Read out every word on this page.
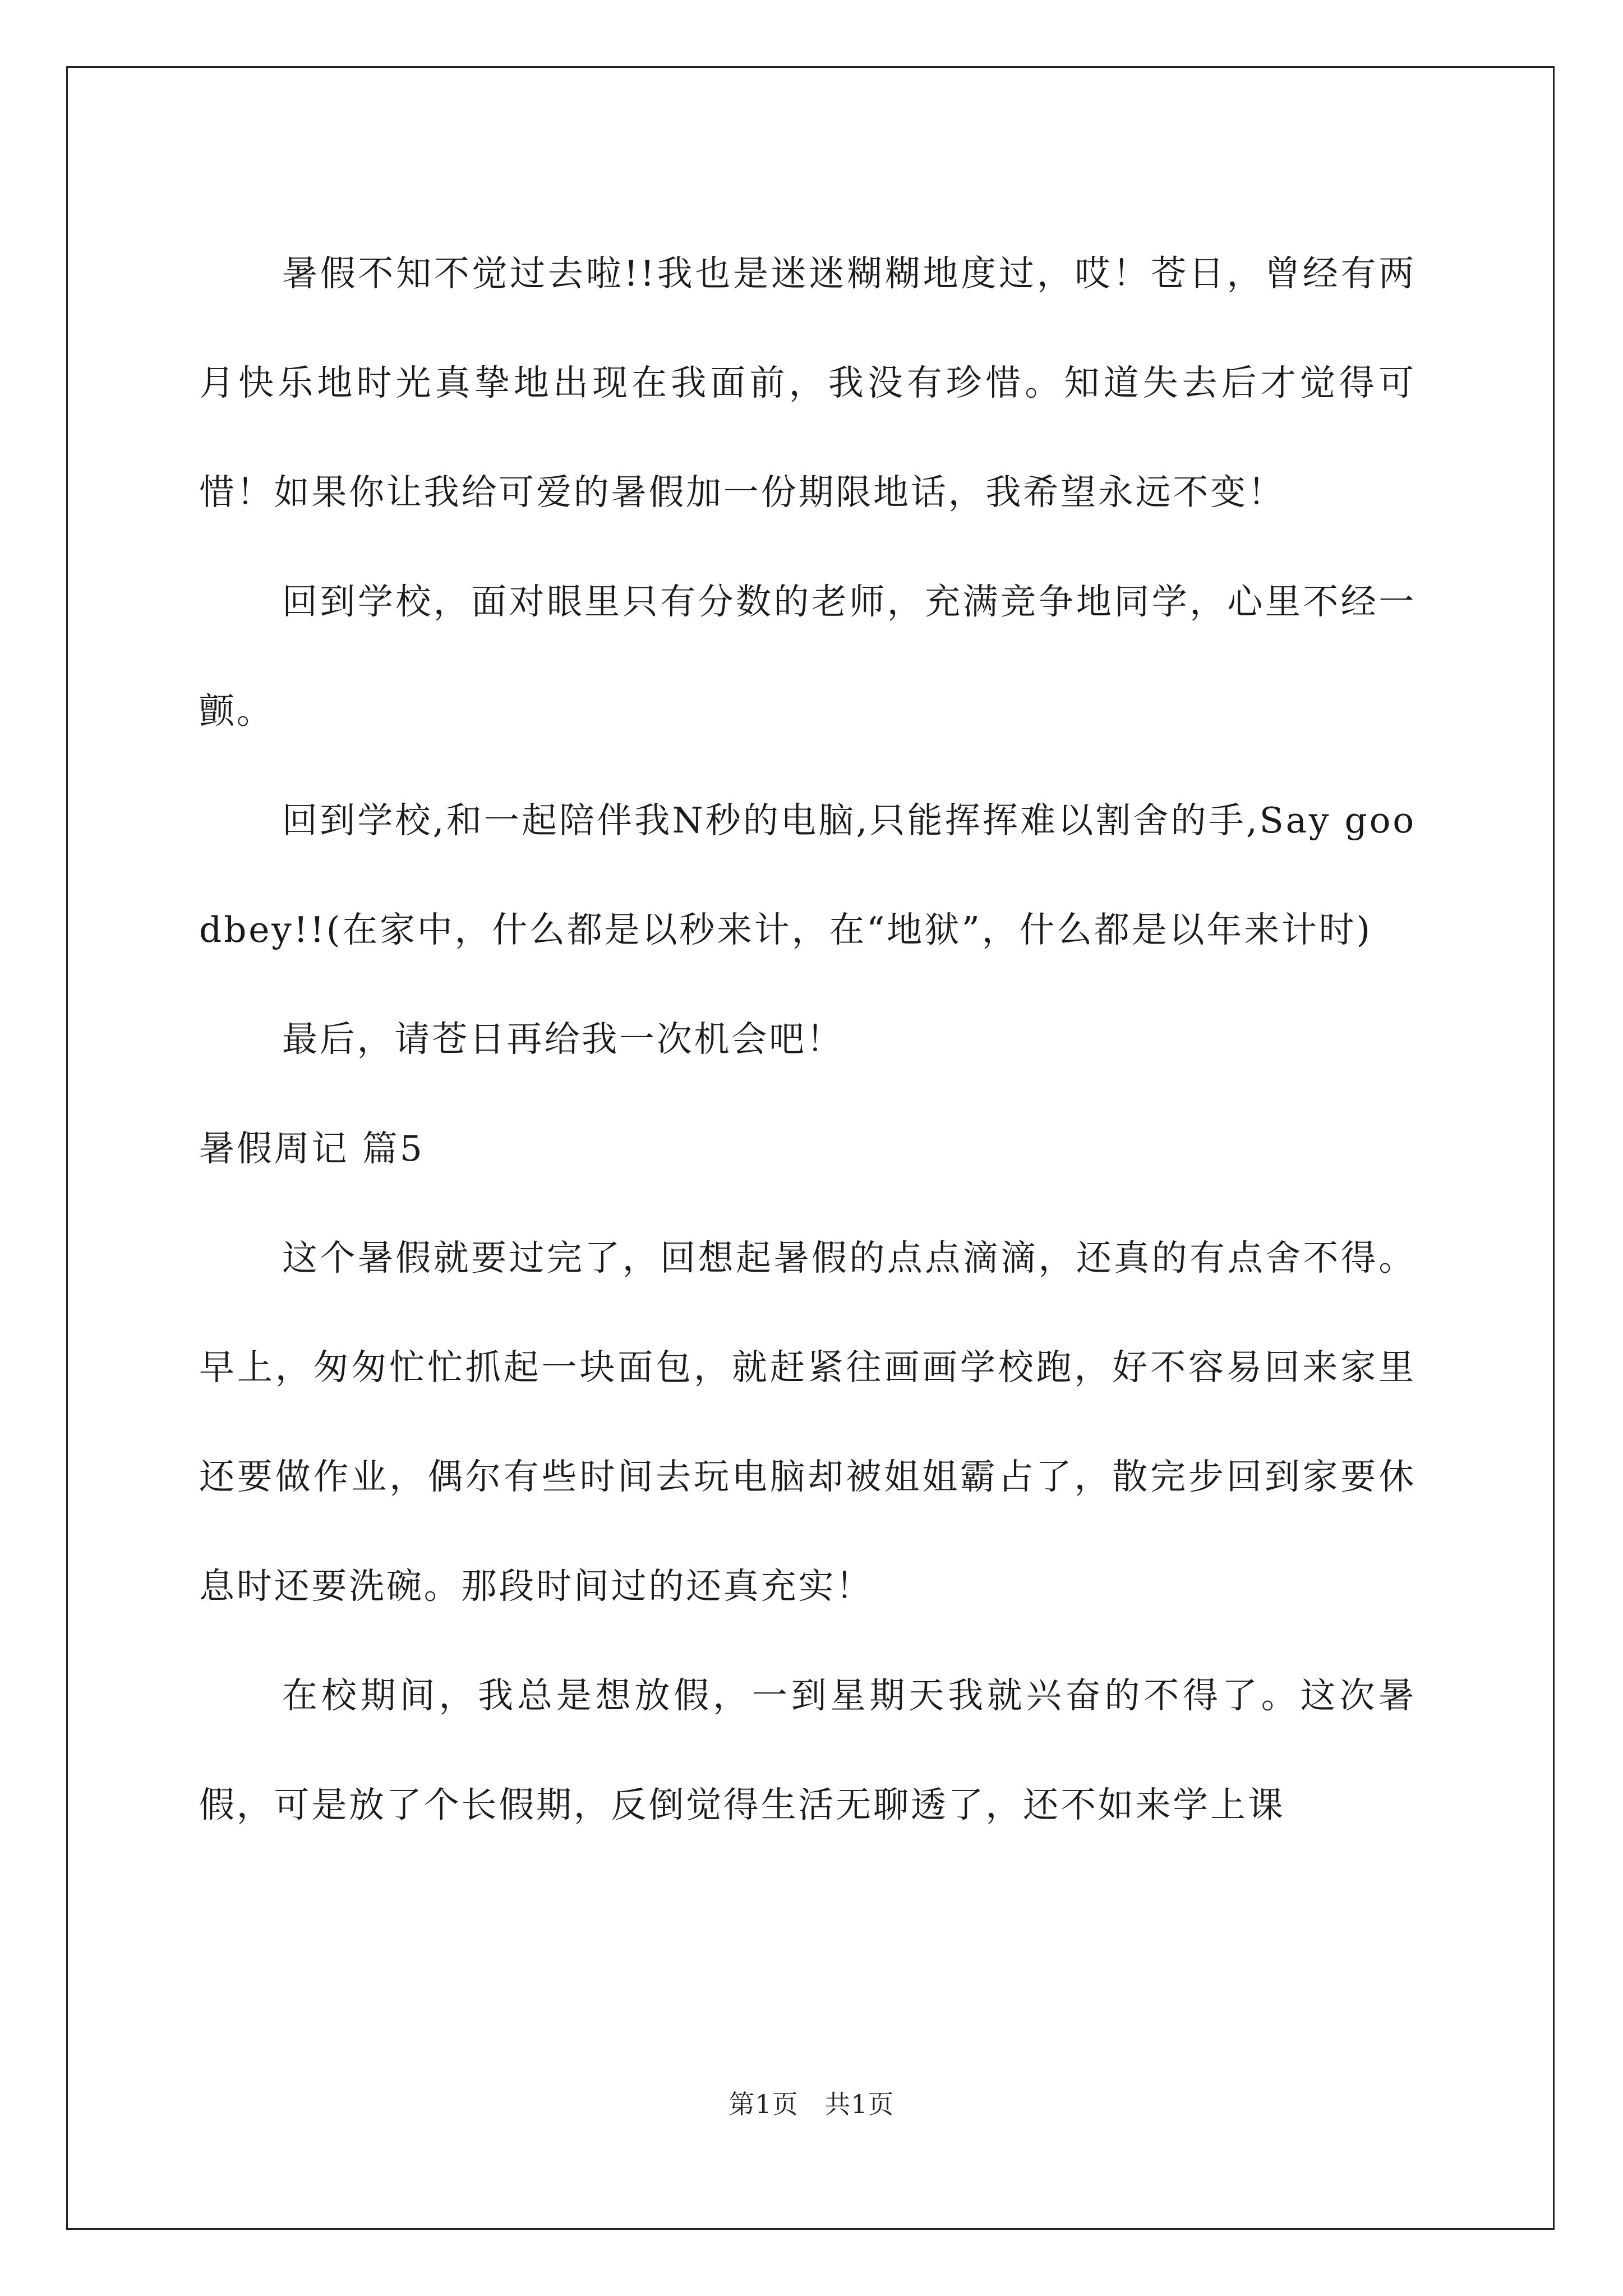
暑假不知不觉过去啦!!我也是迷迷糊糊地度过，哎！苍日，曾经有两月快乐地时光真挚地出现在我面前，我没有珍惜。知道失去后才觉得可惜！如果你让我给可爱的暑假加一份期限地话，我希望永远不变！

回到学校，面对眼里只有分数的老师，充满竞争地同学，心里不经一颤。

回到学校,和一起陪伴我N秒的电脑,只能挥挥难以割舍的手,Say goodbey!!(在家中，什么都是以秒来计，在“地狱”，什么都是以年来计时)

最后，请苍日再给我一次机会吧！

暑假周记 篇5

这个暑假就要过完了，回想起暑假的点点滴滴，还真的有点舍不得。早上，匆匆忙忙抓起一块面包，就赶紧往画画学校跑，好不容易回来家里还要做作业，偶尔有些时间去玩电脑却被姐姐霸占了，散完步回到家要休息时还要洗碗。那段时间过的还真充实！

在校期间，我总是想放假，一到星期天我就兴奋的不得了。这次暑假，可是放了个长假期，反倒觉得生活无聊透了，还不如来学上课

第1页 共1页
